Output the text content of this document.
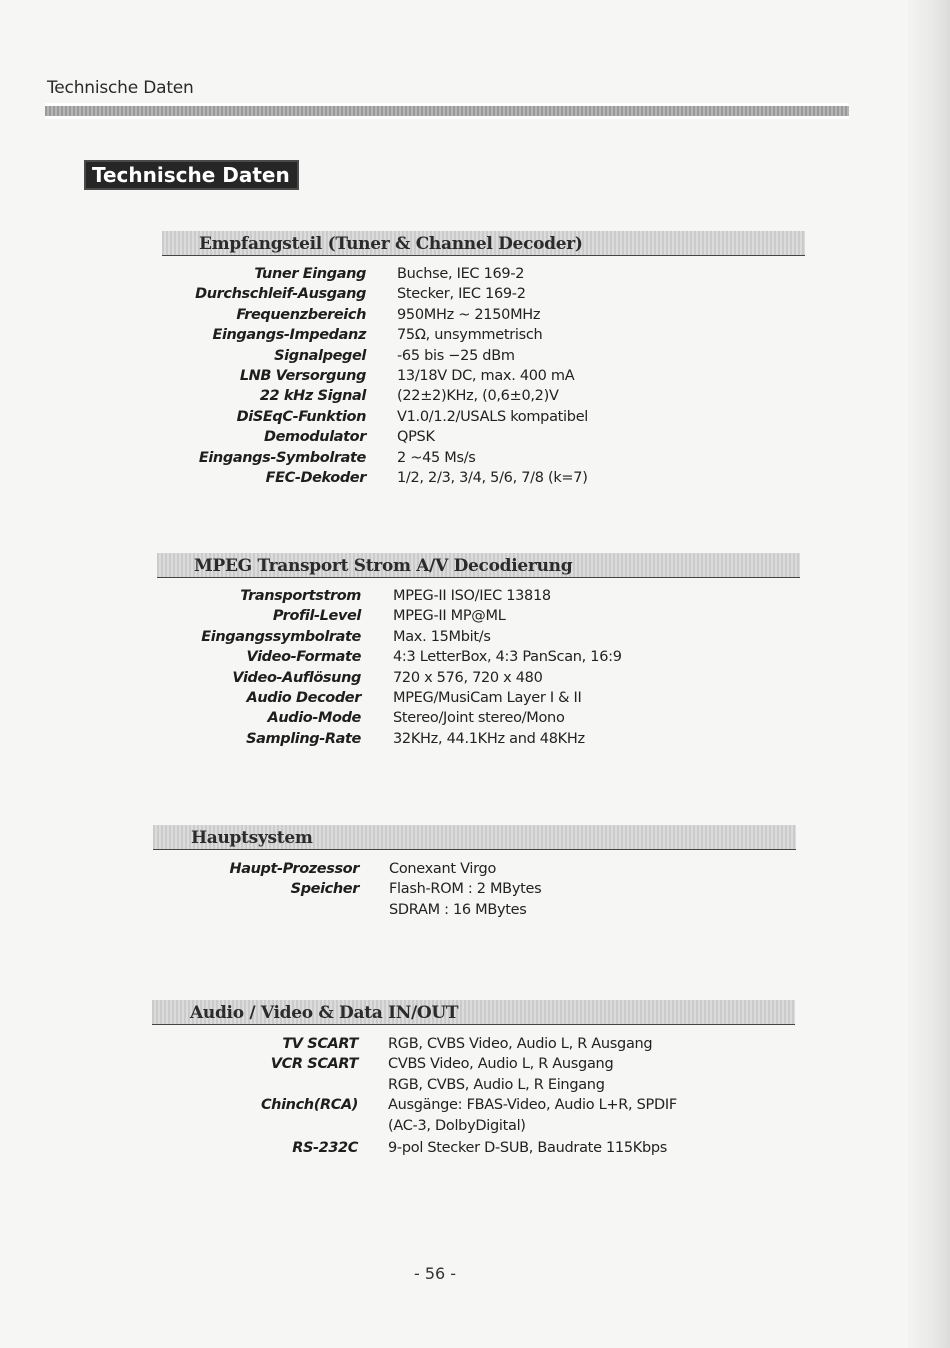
Technische Daten
Technische Daten
Empfangsteil (Tuner & Channel Decoder)
Tuner Eingang Buchse, IEC 169-2
Durchschleif-Ausgang Stecker, IEC 169-2
Frequenzbereich 950MHz ~ 2150MHz
Eingangs-Impedanz 75Ω, unsymmetrisch
Signalpegel -65 bis −25 dBm
LNB Versorgung 13/18V DC, max. 400 mA
22 kHz Signal (22±2)KHz, (0,6±0,2)V
DiSEqC-Funktion V1.0/1.2/USALS kompatibel
Demodulator QPSK
Eingangs-Symbolrate 2 ~45 Ms/s
FEC-Dekoder 1/2, 2/3, 3/4, 5/6, 7/8 (k=7)
MPEG Transport Strom A/V Decodierung
Transportstrom MPEG-II ISO/IEC 13818
Profil-Level MPEG-II MP@ML
Eingangssymbolrate Max. 15Mbit/s
Video-Formate 4:3 LetterBox, 4:3 PanScan, 16:9
Video-Auflösung 720 x 576, 720 x 480
Audio Decoder MPEG/MusiCam Layer I & II
Audio-Mode Stereo/Joint stereo/Mono
Sampling-Rate 32KHz, 44.1KHz and 48KHz
Hauptsystem
Haupt-Prozessor Conexant Virgo
Speicher Flash-ROM : 2 MBytes
SDRAM : 16 MBytes
Audio / Video & Data IN/OUT
TV SCART RGB, CVBS Video, Audio L, R Ausgang
VCR SCART CVBS Video, Audio L, R Ausgang
RGB, CVBS, Audio L, R Eingang
Chinch(RCA) Ausgänge: FBAS-Video, Audio L+R, SPDIF
(AC-3, DolbyDigital)
RS-232C 9-pol Stecker D-SUB, Baudrate 115Kbps
- 56 -
